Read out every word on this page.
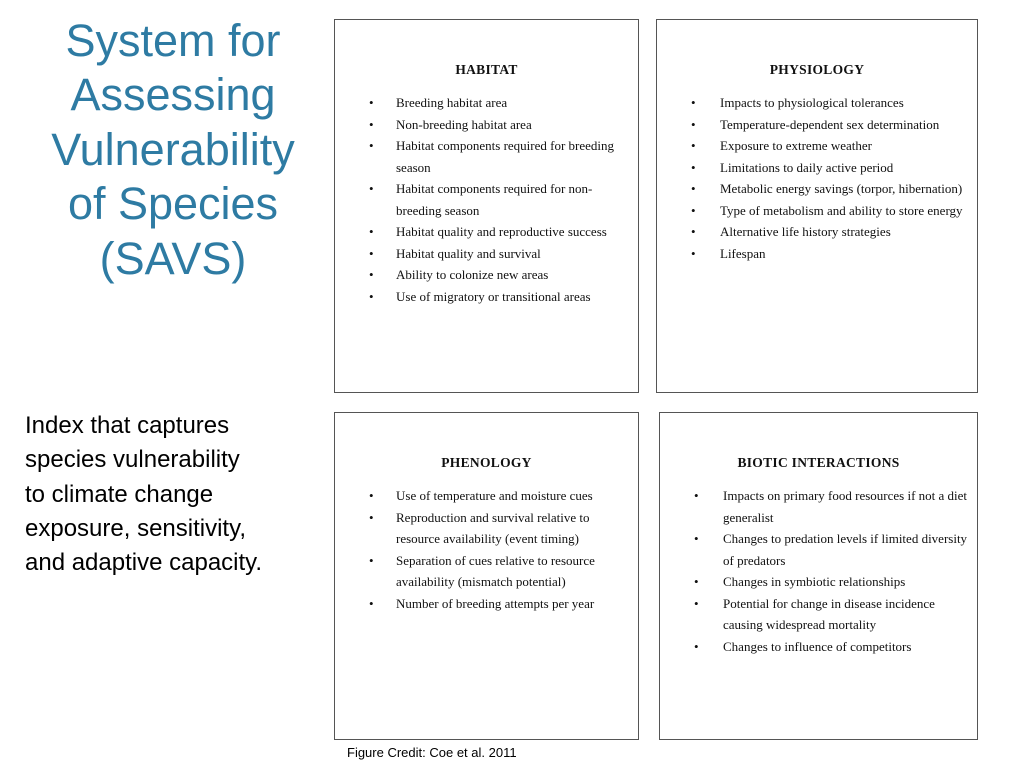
System for
Assessing
Vulnerability
of Species
(SAVS)
Index that captures
species vulnerability
to climate change
exposure, sensitivity,
and adaptive capacity.
HABITAT
• Breeding habitat area
• Non-breeding habitat area
• Habitat components required for breeding season
• Habitat components required for non-breeding season
• Habitat quality and reproductive success
• Habitat quality and survival
• Ability to colonize new areas
• Use of migratory or transitional areas
PHYSIOLOGY
• Impacts to physiological tolerances
• Temperature-dependent sex determination
• Exposure to extreme weather
• Limitations to daily active period
• Metabolic energy savings (torpor, hibernation)
• Type of metabolism and ability to store energy
• Alternative life history strategies
• Lifespan
PHENOLOGY
• Use of temperature and moisture cues
• Reproduction and survival relative to resource availability (event timing)
• Separation of cues relative to resource availability (mismatch potential)
• Number of breeding attempts per year
BIOTIC INTERACTIONS
• Impacts on primary food resources if not a diet generalist
• Changes to predation levels if limited diversity of predators
• Changes in symbiotic relationships
• Potential for change in disease incidence causing widespread mortality
• Changes to influence of competitors
Figure Credit: Coe et al. 2011
